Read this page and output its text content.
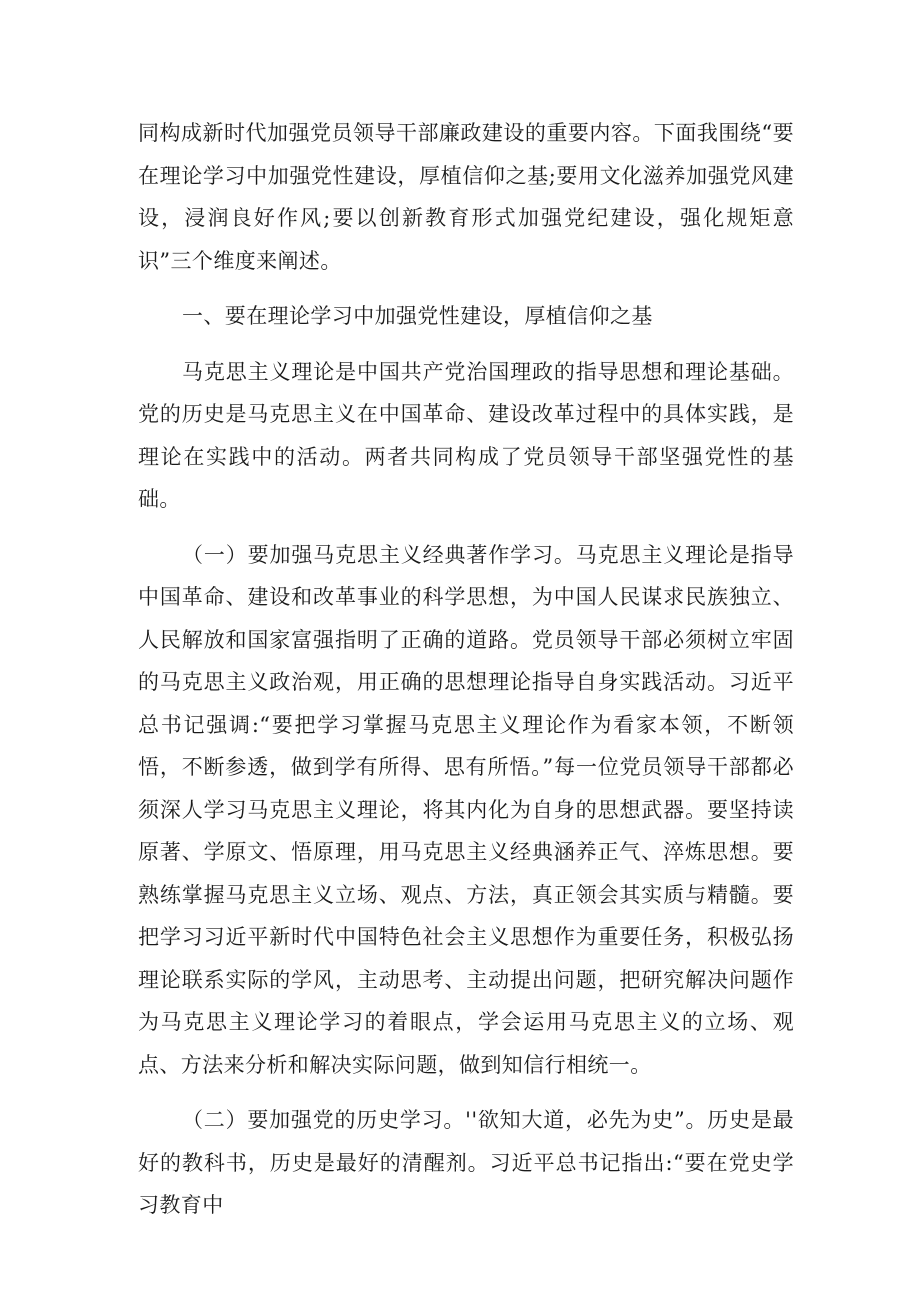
同构成新时代加强党员领导干部廉政建设的重要内容。下面我围绕“要在理论学习中加强党性建设，厚植信仰之基;要用文化滋养加强党风建设，浸润良好作风;要以创新教育形式加强党纪建设，强化规矩意识”三个维度来阐述。

一、要在理论学习中加强党性建设，厚植信仰之基

马克思主义理论是中国共产党治国理政的指导思想和理论基础。党的历史是马克思主义在中国革命、建设改革过程中的具体实践，是理论在实践中的活动。两者共同构成了党员领导干部坚强党性的基础。

（一）要加强马克思主义经典著作学习。马克思主义理论是指导中国革命、建设和改革事业的科学思想，为中国人民谋求民族独立、人民解放和国家富强指明了正确的道路。党员领导干部必须树立牢固的马克思主义政治观，用正确的思想理论指导自身实践活动。习近平总书记强调:“要把学习掌握马克思主义理论作为看家本领，不断领悟，不断参透，做到学有所得、思有所悟。”每一位党员领导干部都必须深人学习马克思主义理论，将其内化为自身的思想武器。要坚持读原著、学原文、悟原理，用马克思主义经典涵养正气、淬炼思想。要熟练掌握马克思主义立场、观点、方法，真正领会其实质与精髓。要把学习习近平新时代中国特色社会主义思想作为重要任务，积极弘扬理论联系实际的学风，主动思考、主动提出问题，把研究解决问题作为马克思主义理论学习的着眼点，学会运用马克思主义的立场、观点、方法来分析和解决实际问题，做到知信行相统一。

（二）要加强党的历史学习。''欲知大道，必先为史”。历史是最好的教科书，历史是最好的清醒剂。习近平总书记指出:“要在党史学习教育中
